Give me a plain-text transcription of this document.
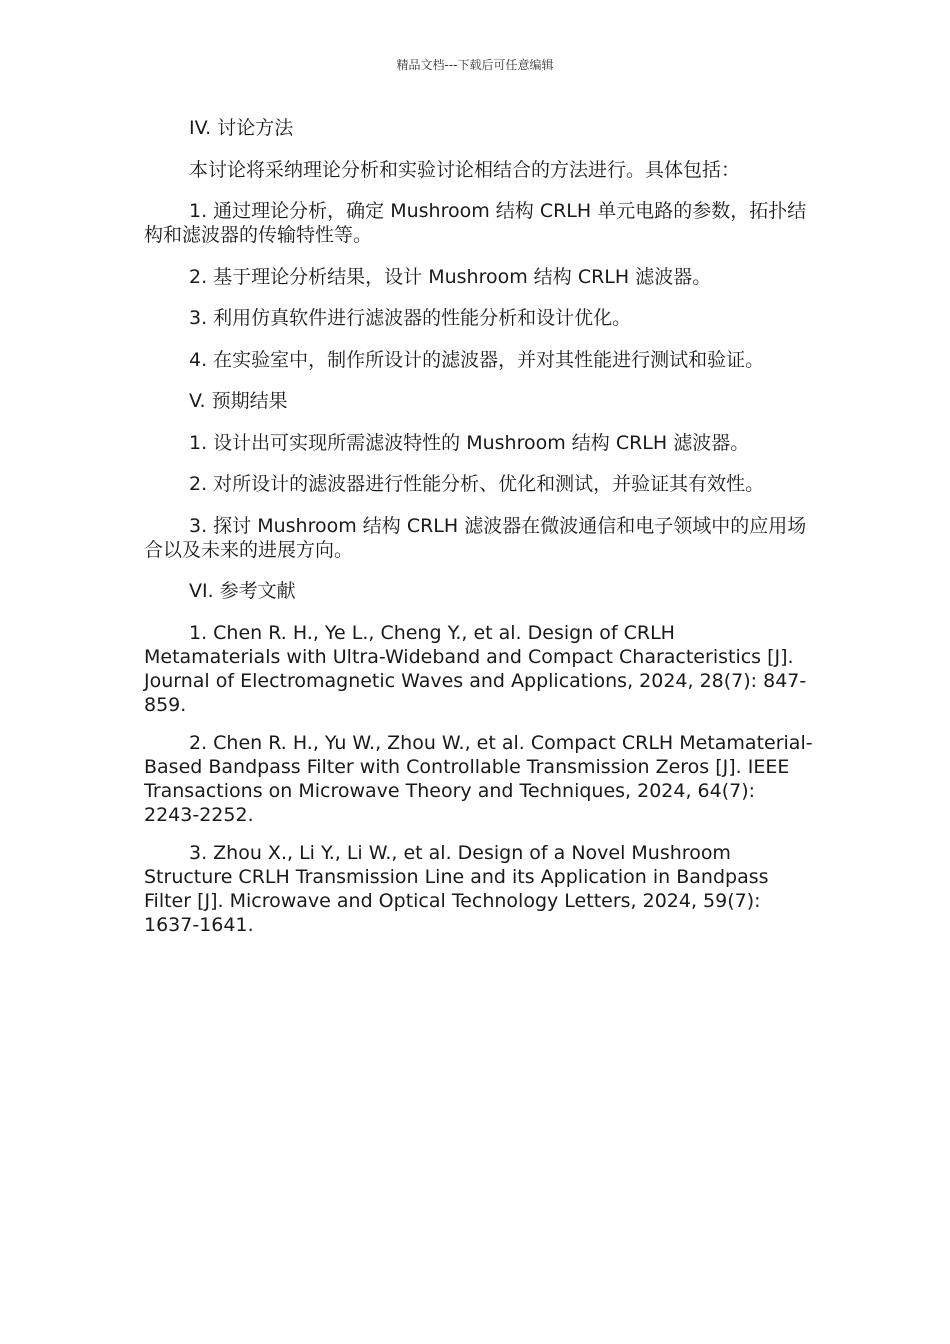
精品文档---下载后可任意编辑

IV. 讨论方法

本讨论将采纳理论分析和实验讨论相结合的方法进行。具体包括：

1. 通过理论分析，确定 Mushroom 结构 CRLH 单元电路的参数，拓扑结构和滤波器的传输特性等。

2. 基于理论分析结果，设计 Mushroom 结构 CRLH 滤波器。

3. 利用仿真软件进行滤波器的性能分析和设计优化。

4. 在实验室中，制作所设计的滤波器，并对其性能进行测试和验证。

V. 预期结果

1. 设计出可实现所需滤波特性的 Mushroom 结构 CRLH 滤波器。

2. 对所设计的滤波器进行性能分析、优化和测试，并验证其有效性。

3. 探讨 Mushroom 结构 CRLH 滤波器在微波通信和电子领域中的应用场合以及未来的进展方向。

VI. 参考文献

1. Chen R. H., Ye L., Cheng Y., et al. Design of CRLH Metamaterials with Ultra-Wideband and Compact Characteristics [J]. Journal of Electromagnetic Waves and Applications, 2024, 28(7): 847-859.

2. Chen R. H., Yu W., Zhou W., et al. Compact CRLH Metamaterial-Based Bandpass Filter with Controllable Transmission Zeros [J]. IEEE Transactions on Microwave Theory and Techniques, 2024, 64(7): 2243-2252.

3. Zhou X., Li Y., Li W., et al. Design of a Novel Mushroom Structure CRLH Transmission Line and its Application in Bandpass Filter [J]. Microwave and Optical Technology Letters, 2024, 59(7): 1637-1641.
